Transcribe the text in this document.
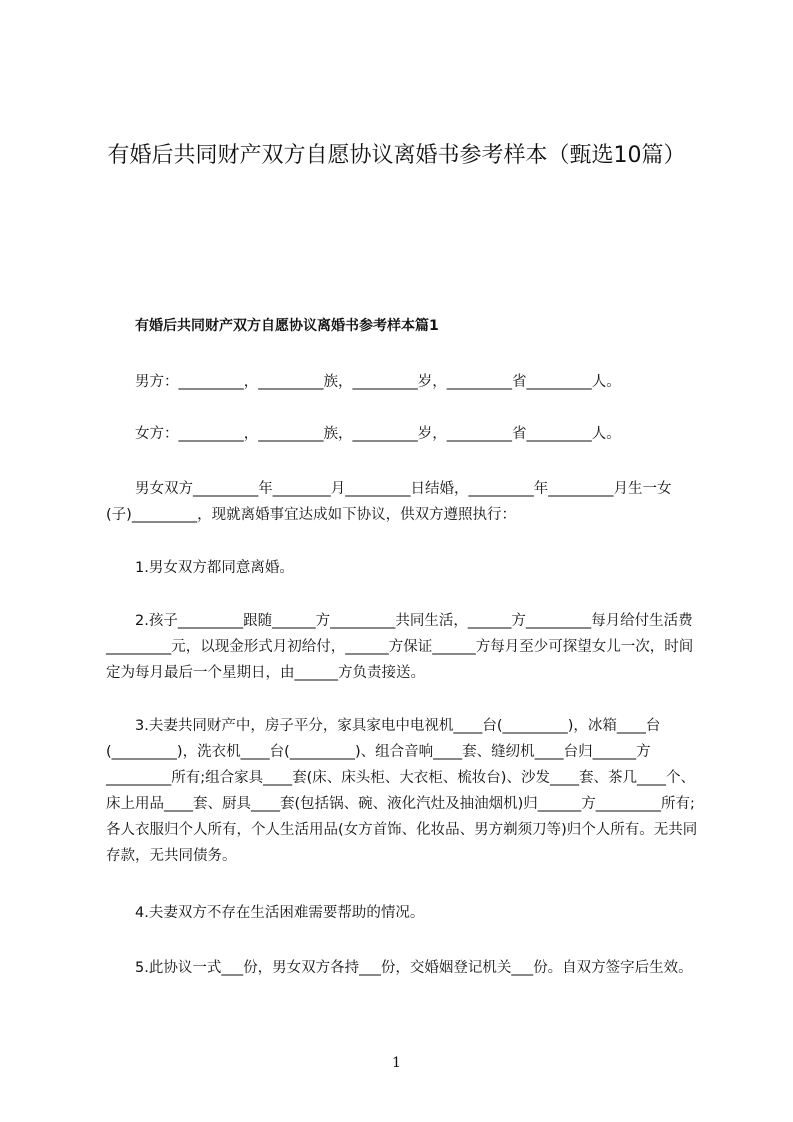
有婚后共同财产双方自愿协议离婚书参考样本（甄选10篇）
有婚后共同财产双方自愿协议离婚书参考样本篇1

　　男方：_________，_________族，_________岁，_________省_________人。

　　女方：_________，_________族，_________岁，_________省_________人。

　　男女双方_________年________月_________日结婚，_________年_________月生一女(子)_________，现就离婚事宜达成如下协议，供双方遵照执行：

　　1.男女双方都同意离婚。

　　2.孩子_________跟随______方_________共同生活，______方_________每月给付生活费_________元，以现金形式月初给付，______方保证______方每月至少可探望女儿一次，时间定为每月最后一个星期日，由______方负责接送。

　　3.夫妻共同财产中，房子平分，家具家电中电视机____台(_________)，冰箱____台(_________)，洗衣机____台(_________)、组合音响____套、缝纫机____台归______方_________所有;组合家具____套(床、床头柜、大衣柜、梳妆台)、沙发____套、茶几____个、床上用品____套、厨具____套(包括锅、碗、液化汽灶及抽油烟机)归______方_________所有;各人衣服归个人所有，个人生活用品(女方首饰、化妆品、男方剃须刀等)归个人所有。无共同存款，无共同债务。

　　4.夫妻双方不存在生活困难需要帮助的情况。

　　5.此协议一式___份，男女双方各持___份，交婚姻登记机关___份。自双方签字后生效。

1
